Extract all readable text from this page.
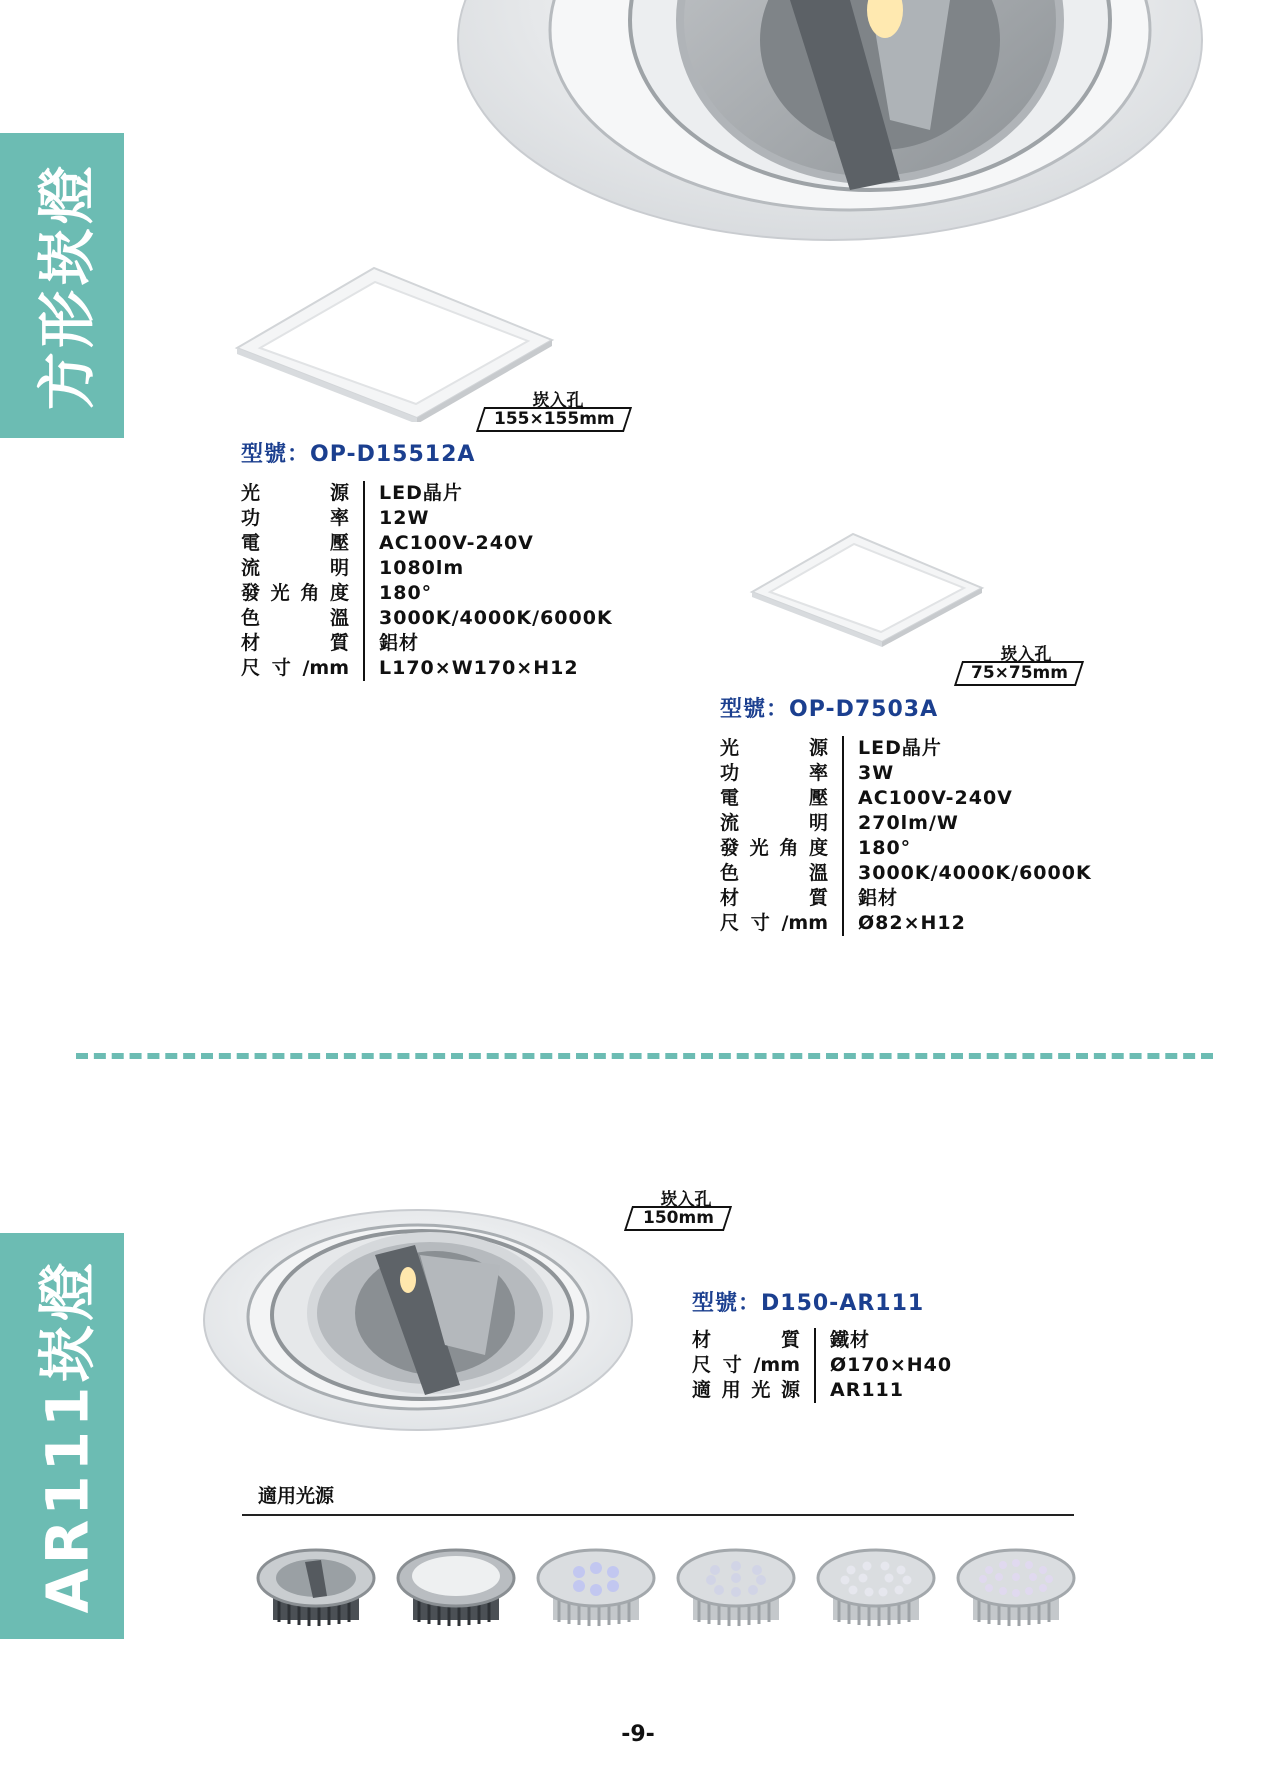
方形崁燈	崁入孔
155×155mm
型號：OP-D15512A
光源	LED晶片
功率	12W
電壓	AC100V-240V
流明	1080lm
發光角度	180°
色溫	3000K/4000K/6000K
材質	鋁材
尺寸/mm	L170×W170×H12
崁入孔
75×75mm
型號：OP-D7503A
光源	LED晶片
功率	3W
電壓	AC100V-240V
流明	270lm/W
發光角度	180°
色溫	3000K/4000K/6000K
材質	鋁材
尺寸/mm	Ø82×H12
AR111崁燈
崁入孔
150mm
型號：D150-AR111
材質	鐵材
尺寸/mm	Ø170×H40
適用光源	AR111
適用光源
-9-
